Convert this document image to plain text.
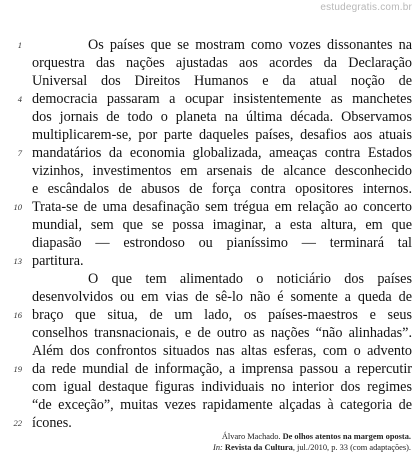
estudegratis.com.br
1
4
7
10
13
16
19
22
Os países que se mostram como vozes dissonantes na
orquestra das nações ajustadas aos acordes da Declaração
Universal dos Direitos Humanos e da atual noção de
democracia passaram a ocupar insistentemente as manchetes
dos jornais de todo o planeta na última década. Observamos
multiplicarem-se, por parte daqueles países, desafios aos atuais
mandatários da economia globalizada, ameaças contra Estados
vizinhos, investimentos em arsenais de alcance desconhecido
e escândalos de abusos de força contra opositores internos.
Trata-se de uma desafinação sem trégua em relação ao concerto
mundial, sem que se possa imaginar, a esta altura, em que
diapasão — estrondoso ou pianíssimo — terminará tal
partitura.
O que tem alimentado o noticiário dos países
desenvolvidos ou em vias de sê-lo não é somente a queda de
braço que situa, de um lado, os países-maestros e seus
conselhos transnacionais, e de outro as nações “não alinhadas”.
Além dos confrontos situados nas altas esferas, com o advento
da rede mundial de informação, a imprensa passou a repercutir
com igual destaque figuras individuais no interior dos regimes
“de exceção”, muitas vezes rapidamente alçadas à categoria de
ícones.
Álvaro Machado. De olhos atentos na margem oposta.
In: Revista da Cultura, jul./2010, p. 33 (com adaptações).
